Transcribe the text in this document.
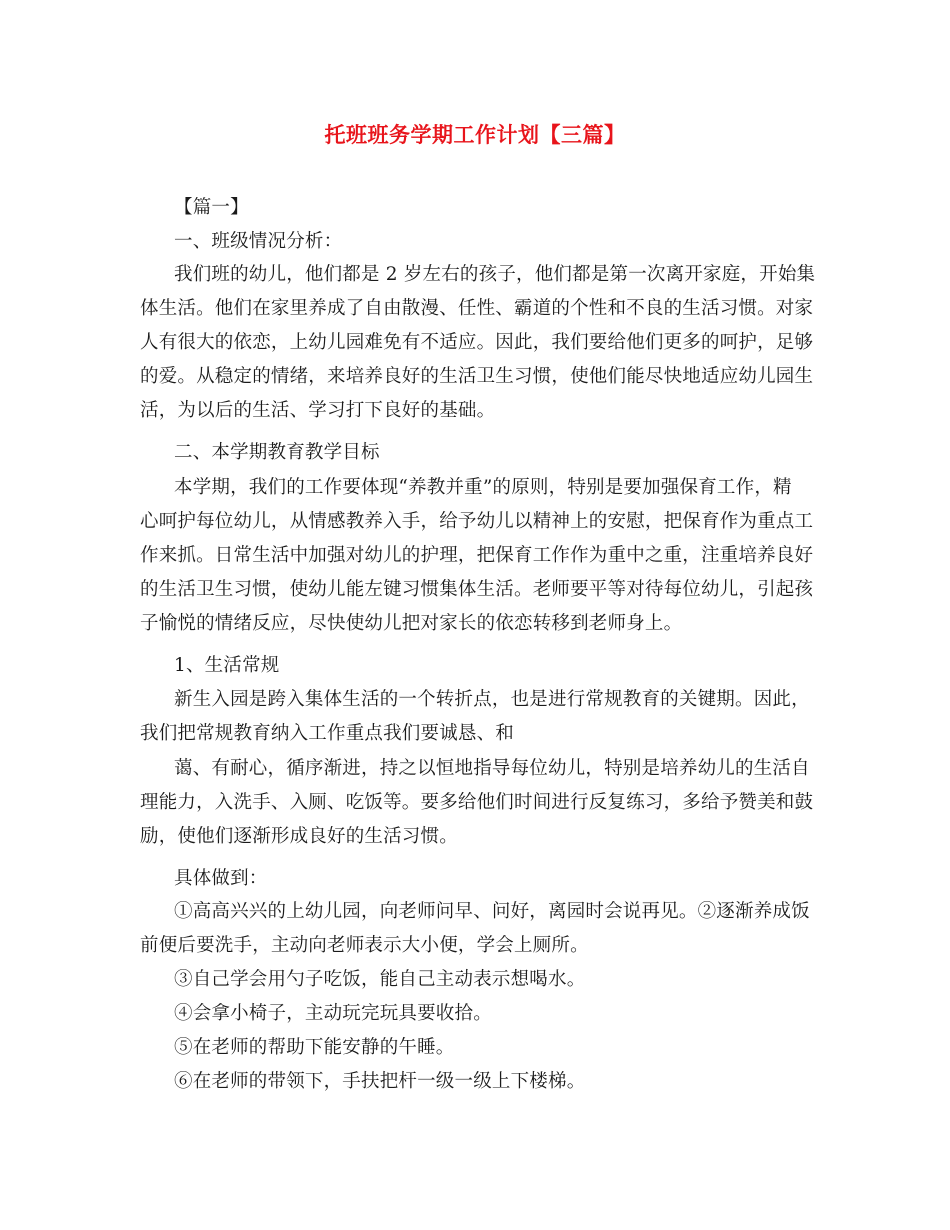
托班班务学期工作计划【三篇】
【篇一】
一、班级情况分析：
我们班的幼儿，他们都是 2 岁左右的孩子，他们都是第一次离开家庭，开始集
体生活。他们在家里养成了自由散漫、任性、霸道的个性和不良的生活习惯。对家
人有很大的依恋，上幼儿园难免有不适应。因此，我们要给他们更多的呵护，足够
的爱。从稳定的情绪，来培养良好的生活卫生习惯，使他们能尽快地适应幼儿园生
活，为以后的生活、学习打下良好的基础。
二、本学期教育教学目标
本学期，我们的工作要体现“养教并重”的原则，特别是要加强保育工作，精
心呵护每位幼儿，从情感教养入手，给予幼儿以精神上的安慰，把保育作为重点工
作来抓。日常生活中加强对幼儿的护理，把保育工作作为重中之重，注重培养良好
的生活卫生习惯，使幼儿能左键习惯集体生活。老师要平等对待每位幼儿，引起孩
子愉悦的情绪反应，尽快使幼儿把对家长的依恋转移到老师身上。
1、生活常规
新生入园是跨入集体生活的一个转折点，也是进行常规教育的关键期。因此，
我们把常规教育纳入工作重点我们要诚恳、和
蔼、有耐心，循序渐进，持之以恒地指导每位幼儿，特别是培养幼儿的生活自
理能力，入洗手、入厕、吃饭等。要多给他们时间进行反复练习，多给予赞美和鼓
励，使他们逐渐形成良好的生活习惯。
具体做到：
①高高兴兴的上幼儿园，向老师问早、问好，离园时会说再见。②逐渐养成饭
前便后要洗手，主动向老师表示大小便，学会上厕所。
③自己学会用勺子吃饭，能自己主动表示想喝水。
④会拿小椅子，主动玩完玩具要收拾。
⑤在老师的帮助下能安静的午睡。
⑥在老师的带领下，手扶把杆一级一级上下楼梯。
